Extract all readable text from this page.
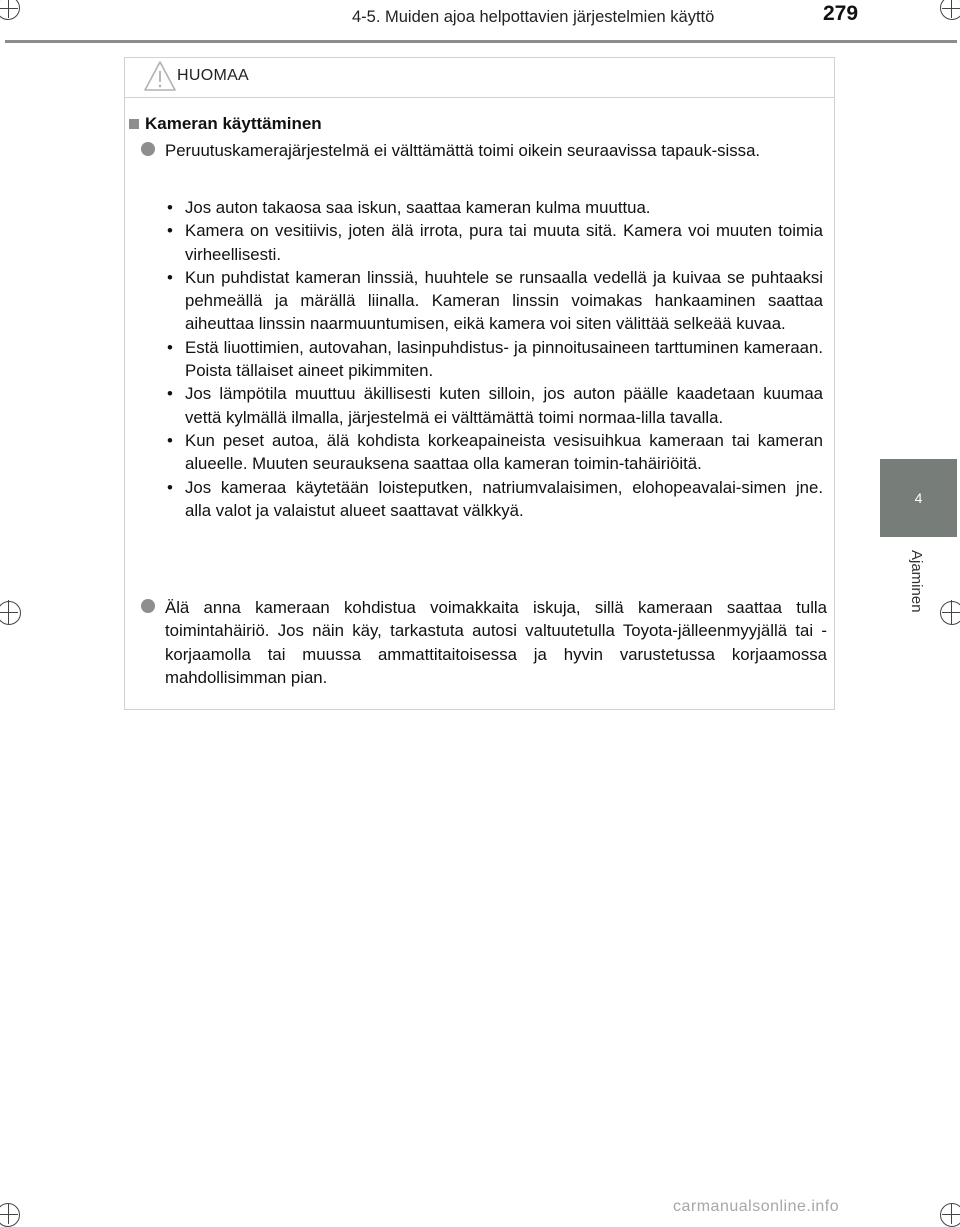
4-5. Muiden ajoa helpottavien järjestelmien käyttö	279
4
Ajaminen
HUOMAA
Kameran käyttäminen
Peruutuskamerajärjestelmä ei välttämättä toimi oikein seuraavissa tapauk-sissa.
• Jos auton takaosa saa iskun, saattaa kameran kulma muuttua.
• Kamera on vesitiivis, joten älä irrota, pura tai muuta sitä. Kamera voi muuten toimia virheellisesti.
• Kun puhdistat kameran linssiä, huuhtele se runsaalla vedellä ja kuivaa se puhtaaksi pehmeällä ja märällä liinalla. Kameran linssin voimakas hankaaminen saattaa aiheuttaa linssin naarmuuntumisen, eikä kamera voi siten välittää selkeää kuvaa.
• Estä liuottimien, autovahan, lasinpuhdistus- ja pinnoitusaineen tarttuminen kameraan. Poista tällaiset aineet pikimmiten.
• Jos lämpötila muuttuu äkillisesti kuten silloin, jos auton päälle kaadetaan kuumaa vettä kylmällä ilmalla, järjestelmä ei välttämättä toimi normaa-lilla tavalla.
• Kun peset autoa, älä kohdista korkeapaineista vesisuihkua kameraan tai kameran alueelle. Muuten seurauksena saattaa olla kameran toimin-tahäiriöitä.
• Jos kameraa käytetään loisteputken, natriumvalaisimen, elohopeavalai-simen jne. alla valot ja valaistut alueet saattavat välkkyä.
Älä anna kameraan kohdistua voimakkaita iskuja, sillä kameraan saattaa tulla toimintahäiriö. Jos näin käy, tarkastuta autosi valtuutetulla Toyota-jälleenmyyjällä tai -korjaamolla tai muussa ammattitaitoisessa ja hyvin varustetussa korjaamossa mahdollisimman pian.
carmanualsonline.info
